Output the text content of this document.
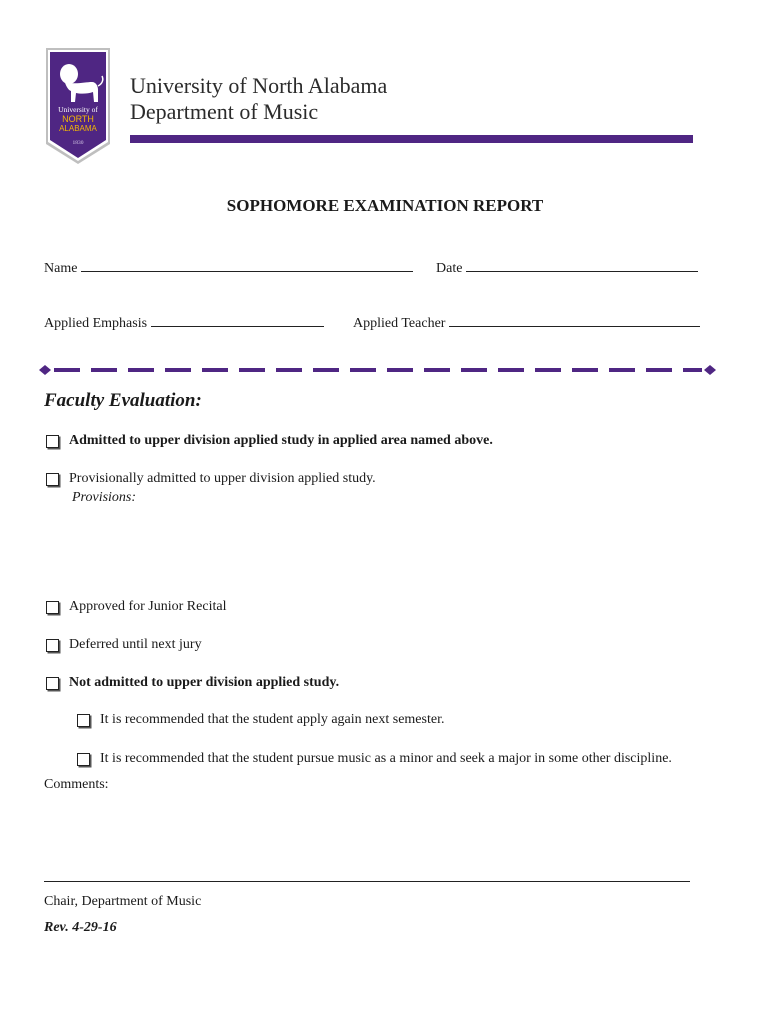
University of
NORTH
ALABAMA
1830
University of North Alabama
Department of Music
SOPHOMORE EXAMINATION REPORT
Name	Date
Applied Emphasis	Applied Teacher
Faculty Evaluation:
Admitted to upper division applied study in applied area named above.
Provisionally admitted to upper division applied study.
Provisions:
Approved for Junior Recital
Deferred until next jury
Not admitted to upper division applied study.
It is recommended that the student apply again next semester.
It is recommended that the student pursue music as a minor and seek a major in some other discipline.
Comments:
Chair, Department of Music
Rev. 4-29-16
